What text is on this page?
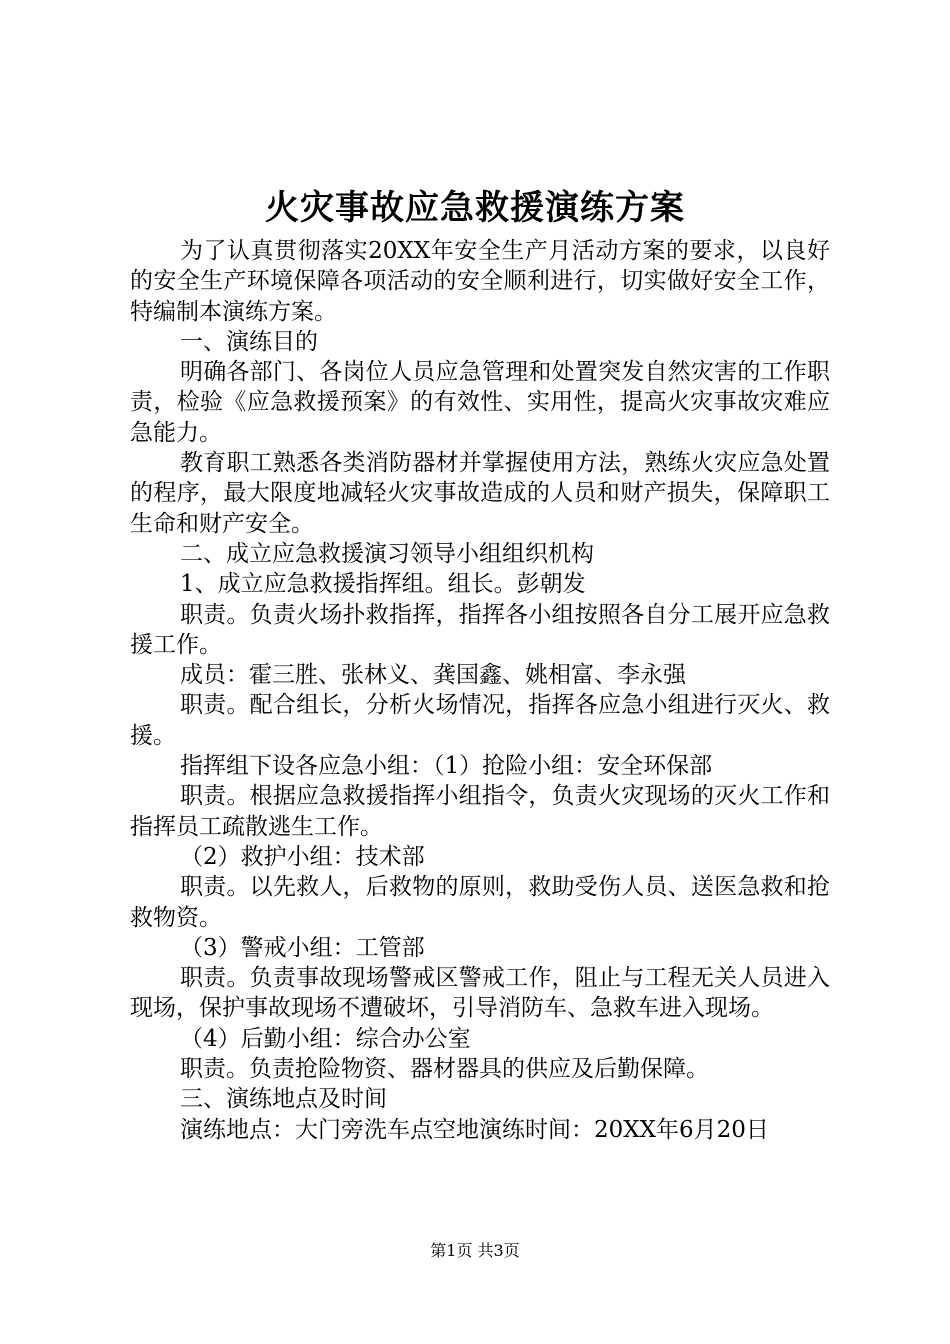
火灾事故应急救援演练方案

为了认真贯彻落实20XX年安全生产月活动方案的要求，以良好的安全生产环境保障各项活动的安全顺利进行，切实做好安全工作，特编制本演练方案。

一、演练目的

明确各部门、各岗位人员应急管理和处置突发自然灾害的工作职责，检验《应急救援预案》的有效性、实用性，提高火灾事故灾难应急能力。

教育职工熟悉各类消防器材并掌握使用方法，熟练火灾应急处置的程序，最大限度地减轻火灾事故造成的人员和财产损失，保障职工生命和财产安全。

二、成立应急救援演习领导小组组织机构

1、成立应急救援指挥组。组长。彭朝发

职责。负责火场扑救指挥，指挥各小组按照各自分工展开应急救援工作。

成员：霍三胜、张林义、龚国鑫、姚相富、李永强

职责。配合组长，分析火场情况，指挥各应急小组进行灭火、救援。

指挥组下设各应急小组：（1）抢险小组：安全环保部

职责。根据应急救援指挥小组指令，负责火灾现场的灭火工作和指挥员工疏散逃生工作。

（2）救护小组：技术部

职责。以先救人，后救物的原则，救助受伤人员、送医急救和抢救物资。

（3）警戒小组：工管部

职责。负责事故现场警戒区警戒工作，阻止与工程无关人员进入现场，保护事故现场不遭破坏，引导消防车、急救车进入现场。

（4）后勤小组：综合办公室

职责。负责抢险物资、器材器具的供应及后勤保障。

三、演练地点及时间

演练地点：大门旁洗车点空地演练时间：20XX年6月20日

第1页 共3页
